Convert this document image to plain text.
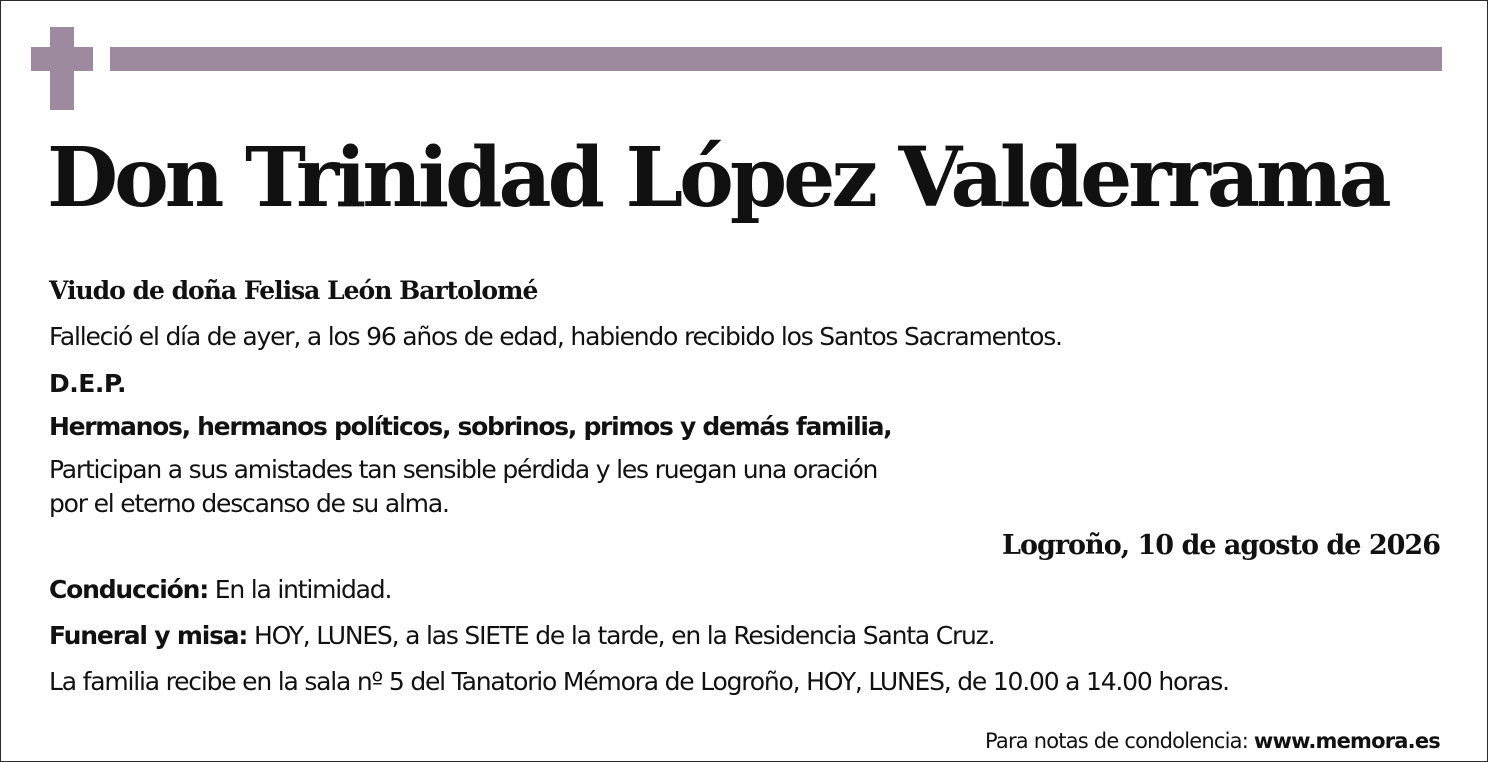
Don Trinidad López Valderrama
Viudo de doña Felisa León Bartolomé
Falleció el día de ayer, a los 96 años de edad, habiendo recibido los Santos Sacramentos.
D.E.P.
Hermanos, hermanos políticos, sobrinos, primos y demás familia,
Participan a sus amistades tan sensible pérdida y les ruegan una oración
por el eterno descanso de su alma.
Logroño, 10 de agosto de 2026
Conducción: En la intimidad.
Funeral y misa: HOY, LUNES, a las SIETE de la tarde, en la Residencia Santa Cruz.
La familia recibe en la sala nº 5 del Tanatorio Mémora de Logroño, HOY, LUNES, de 10.00 a 14.00 horas.
Para notas de condolencia: www.memora.es
